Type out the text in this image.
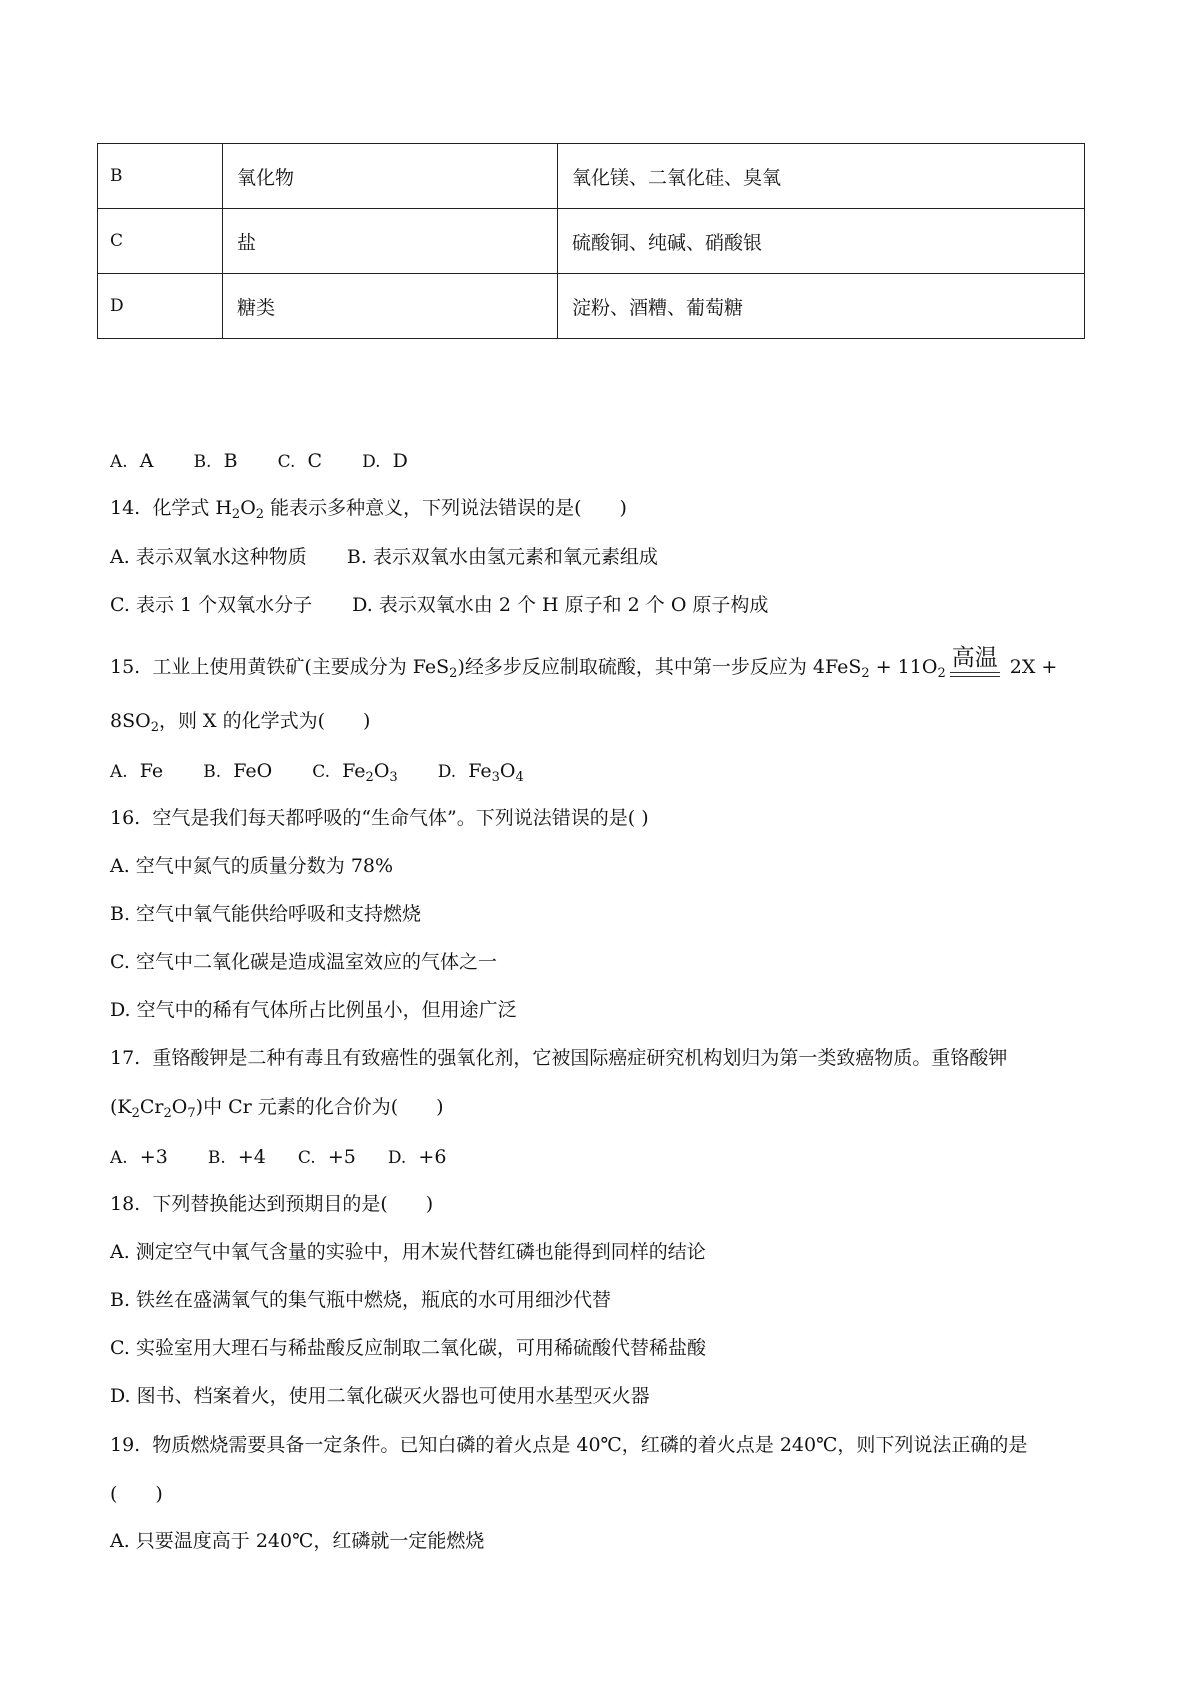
B	氧化物	氧化镁、二氧化硅、臭氧
C	盐	硫酸铜、纯碱、硝酸银
D	糖类	淀粉、酒糟、葡萄糖
A. A B. B C. C D. D
14. 化学式 $H_2O_2$ 能表示多种意义，下列说法错误的是(　　)
A. 表示双氧水这种物质 B. 表示双氧水由氢元素和氧元素组成
C. 表示 1 个双氧水分子 D. 表示双氧水由 2 个 H 原子和 2 个 O 原子构成
15. 工业上使用黄铁矿(主要成分为 FeS$_2$)经多步反应制取硫酸，其中第一步反应为 $4FeS_2 + 11O_2$高温 2X +
$8SO_2$，则 X 的化学式为(　　)
A. Fe B. FeO C. $Fe_2O_3$ D. $Fe_3O_4$
16. 空气是我们每天都呼吸的“生命气体”。下列说法错误的是( )
A. 空气中氮气的质量分数为 78%
B. 空气中氧气能供给呼吸和支持燃烧
C. 空气中二氧化碳是造成温室效应的气体之一
D. 空气中的稀有气体所占比例虽小，但用途广泛
17. 重铬酸钾是二种有毒且有致癌性的强氧化剂，它被国际癌症研究机构划归为第一类致癌物质。重铬酸钾
$(K_2Cr_2O_7)$中 Cr 元素的化合价为(　　)
A. +3 B. +4 C. +5 D. +6
18. 下列替换能达到预期目的是(　　)
A. 测定空气中氧气含量的实验中，用木炭代替红磷也能得到同样的结论
B. 铁丝在盛满氧气的集气瓶中燃烧，瓶底的水可用细沙代替
C. 实验室用大理石与稀盐酸反应制取二氧化碳，可用稀硫酸代替稀盐酸
D. 图书、档案着火，使用二氧化碳灭火器也可使用水基型灭火器
19. 物质燃烧需要具备一定条件。已知白磷的着火点是 40℃，红磷的着火点是 240℃，则下列说法正确的是
(　　)
A. 只要温度高于 240℃，红磷就一定能燃烧
